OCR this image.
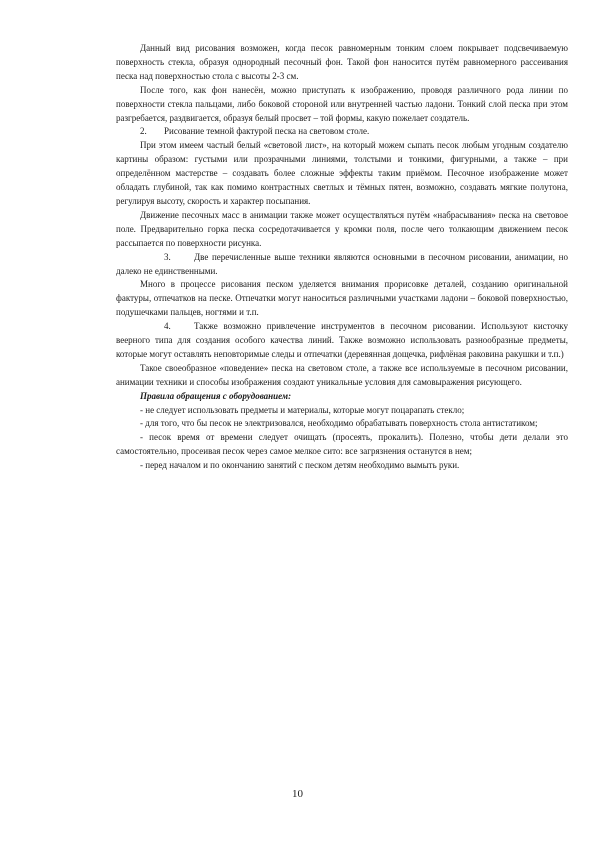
Данный вид рисования возможен, когда песок равномерным тонким слоем покрывает подсвечиваемую поверхность стекла, образуя однородный песочный фон. Такой фон наносится путём равномерного рассеивания песка над поверхностью стола с высоты 2-3 см.

После того, как фон нанесён, можно приступать к изображению, проводя различного рода линии по поверхности стекла пальцами, либо боковой стороной или внутренней частью ладони. Тонкий слой песка при этом разгребается, раздвигается, образуя белый просвет – той формы, какую пожелает создатель.

2. Рисование темной фактурой песка на световом столе.

При этом имеем частый белый «световой лист», на который можем сыпать песок любым угодным создателю картины образом: густыми или прозрачными линиями, толстыми и тонкими, фигурными, а также – при определённом мастерстве – создавать более сложные эффекты таким приёмом. Песочное изображение может обладать глубиной, так как помимо контрастных светлых и тёмных пятен, возможно, создавать мягкие полутона, регулируя высоту, скорость и характер посыпания.

Движение песочных масс в анимации также может осуществляться путём «набрасывания» песка на световое поле. Предварительно горка песка сосредотачивается у кромки поля, после чего толкающим движением песок рассыпается по поверхности рисунка.

3.	Две перечисленные выше техники являются основными в песочном рисовании, анимации, но далеко не единственными.

Много в процессе рисования песком уделяется внимания прорисовке деталей, созданию оригинальной фактуры, отпечатков на песке. Отпечатки могут наноситься различными участками ладони – боковой поверхностью, подушечками пальцев, ногтями и т.п.

4.	Также возможно привлечение инструментов в песочном рисовании. Используют кисточку веерного типа для создания особого качества линий. Также возможно использовать разнообразные предметы, которые могут оставлять неповторимые следы и отпечатки (деревянная дощечка, рифлёная раковина ракушки и т.п.)

Такое своеобразное «поведение» песка на световом столе, а также все используемые в песочном рисовании, анимации техники и способы изображения создают уникальные условия для самовыражения рисующего.

Правила обращения с оборудованием:

- не следует использовать предметы и материалы, которые могут поцарапать стекло;

- для того, что бы песок не электризовался, необходимо обрабатывать поверхность стола антистатиком;

- песок время от времени следует очищать (просеять, прокалить). Полезно, чтобы дети делали это самостоятельно, просеивая песок через самое мелкое сито: все загрязнения останутся в нем;

- перед началом и по окончанию занятий с песком детям необходимо вымыть руки.

10
